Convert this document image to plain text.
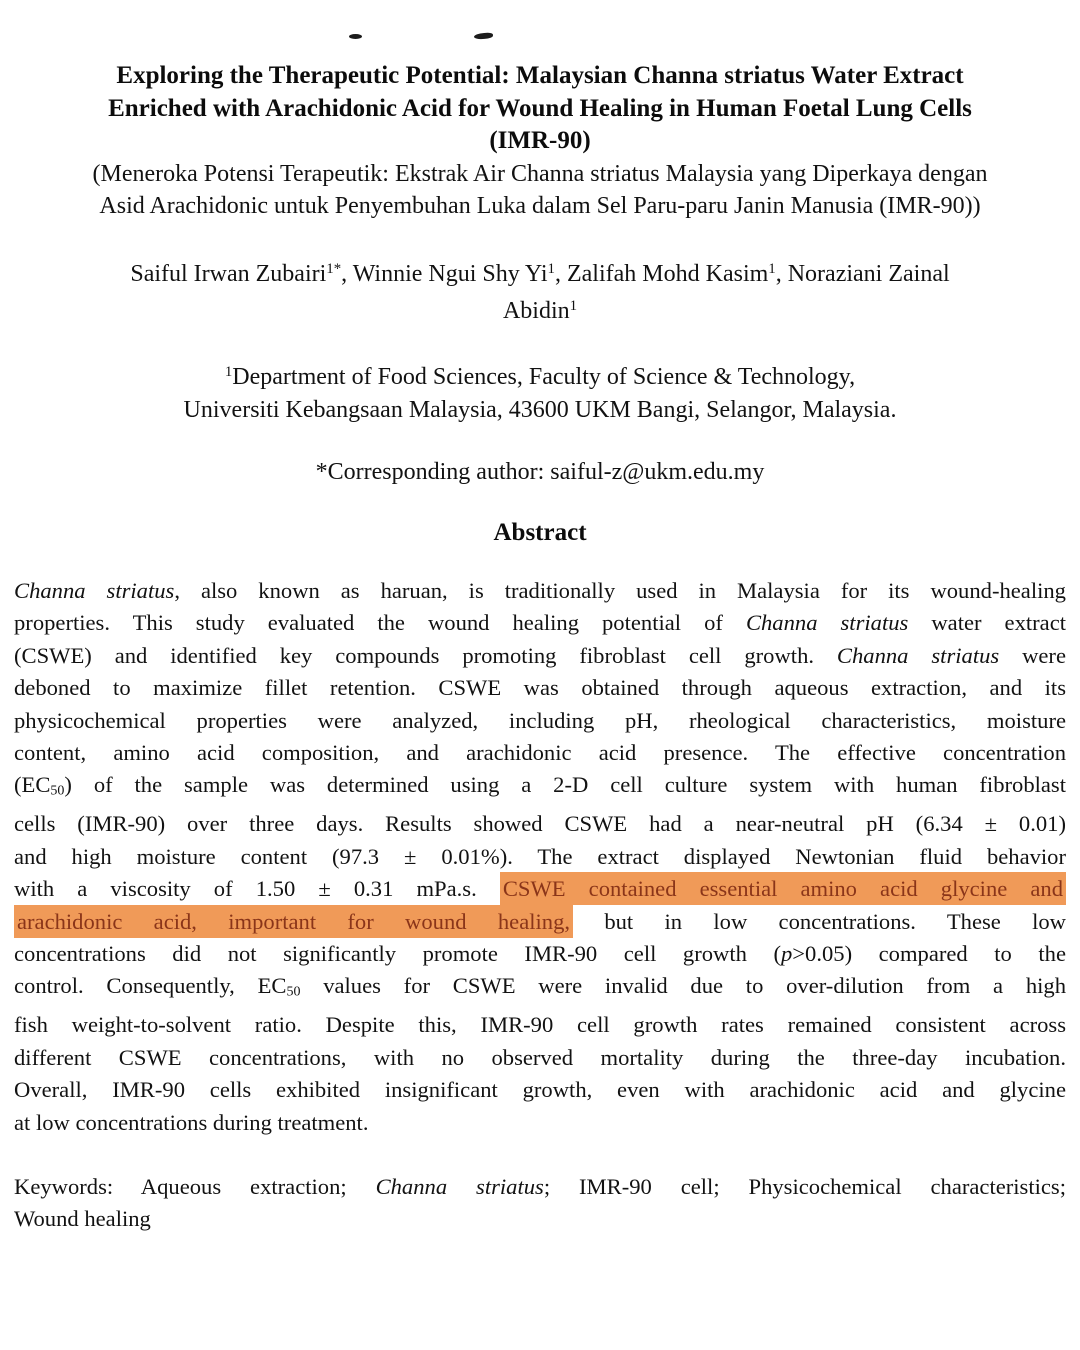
Exploring the Therapeutic Potential: Malaysian Channa striatus Water Extract
Enriched with Arachidonic Acid for Wound Healing in Human Foetal Lung Cells
(IMR-90)
(Meneroka Potensi Terapeutik: Ekstrak Air Channa striatus Malaysia yang Diperkaya dengan
Asid Arachidonic untuk Penyembuhan Luka dalam Sel Paru-paru Janin Manusia (IMR-90))
Saiful Irwan Zubairi$^{1*}$, Winnie Ngui Shy Yi$^1$, Zalifah Mohd Kasim$^1$, Noraziani Zainal
Abidin$^1$
$^1$Department of Food Sciences, Faculty of Science & Technology,
Universiti Kebangsaan Malaysia, 43600 UKM Bangi, Selangor, Malaysia.
*Corresponding author: saiful-z@ukm.edu.my
Abstract
Channa striatus, also known as haruan, is traditionally used in Malaysia for its wound-healing
properties. This study evaluated the wound healing potential of Channa striatus water extract
(CSWE) and identified key compounds promoting fibroblast cell growth. Channa striatus were
deboned to maximize fillet retention. CSWE was obtained through aqueous extraction, and its
physicochemical properties were analyzed, including pH, rheological characteristics, moisture
content, amino acid composition, and arachidonic acid presence. The effective concentration
(EC50) of the sample was determined using a 2-D cell culture system with human fibroblast
cells (IMR-90) over three days. Results showed CSWE had a near-neutral pH (6.34 ± 0.01)
and high moisture content (97.3 ± 0.01%). The extract displayed Newtonian fluid behavior
with a viscosity of 1.50 ± 0.31 mPa.s. CSWE contained essential amino acid glycine and
arachidonic acid, important for wound healing, but in low concentrations. These low
concentrations did not significantly promote IMR-90 cell growth (p>0.05) compared to the
control. Consequently, EC50 values for CSWE were invalid due to over-dilution from a high
fish weight-to-solvent ratio. Despite this, IMR-90 cell growth rates remained consistent across
different CSWE concentrations, with no observed mortality during the three-day incubation.
Overall, IMR-90 cells exhibited insignificant growth, even with arachidonic acid and glycine
at low concentrations during treatment.
Keywords: Aqueous extraction; Channa striatus; IMR-90 cell; Physicochemical characteristics;
Wound healing
